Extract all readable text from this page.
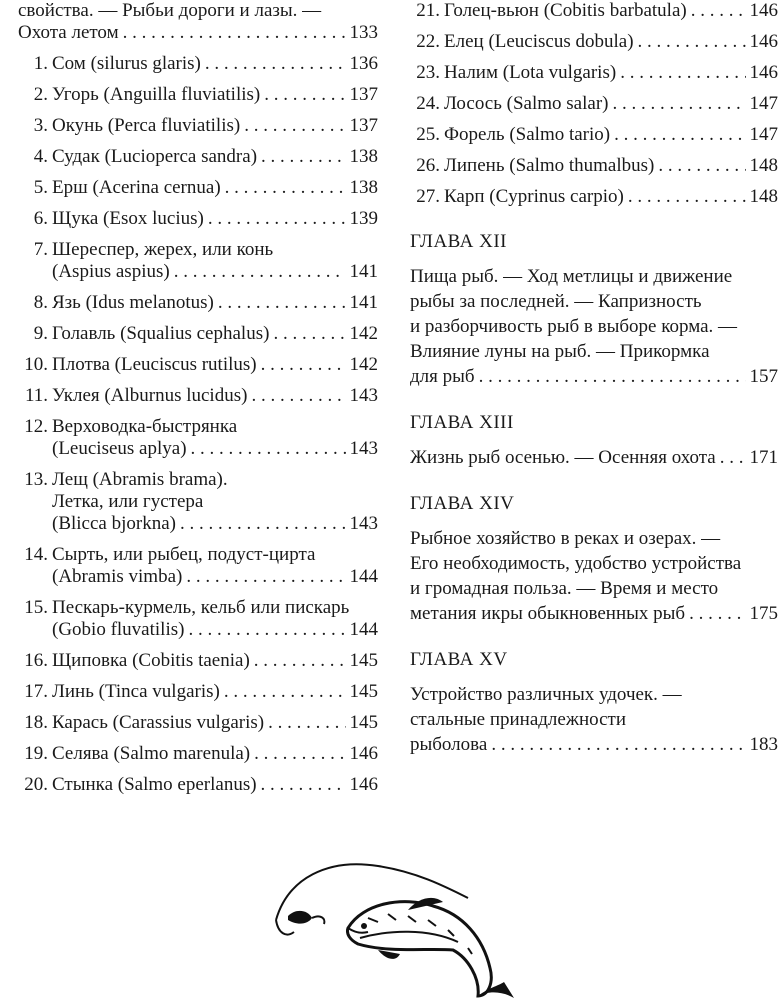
свойства. — Рыбьи дороги и лазы. —
Охота летом . . .	133
1. Сом (silurus glaris) . . .	136
2. Угорь (Anguilla fluviatilis) . . .	137
3. Окунь (Perca fluviatilis) . . .	137
4. Судак (Lucioperca sandra) . . .	138
5. Ерш (Acerina cernua) . . .	138
6. Щука (Esox lucius) . . .	139
7. Шереспер, жерех, или конь
(Aspius aspius) . . .	141
8. Язь (Idus melanotus) . . .	141
9. Голавль (Squalius cephalus) . . .	142
10. Плотва (Leuciscus rutilus) . . .	142
11. Уклея (Alburnus lucidus) . . .	143
12. Верховодка-быстрянка
(Leuciseus aplya) . . .	143
13. Лещ (Abramis brama).
Летка, или густера
(Blicca bjorkna) . . .	143
14. Сырть, или рыбец, подуст-цирта
(Abramis vimba) . . .	144
15. Пескарь-курмель, кельб или пискарь
(Gobio fluvatilis) . . .	144
16. Щиповка (Cobitis taenia) . . .	145
17. Линь (Tinca vulgaris) . . .	145
18. Карась (Carassius vulgaris) . . .	145
19. Селява (Salmo marenula) . . .	146
20. Стынка (Salmo eperlanus) . . .	146
21. Голец-вьюн (Cobitis barbatula) . . .	146
22. Елец (Leuciscus dobula) . . .	146
23. Налим (Lota vulgaris) . . .	146
24. Лосось (Salmo salar) . . .	147
25. Форель (Salmo tario) . . .	147
26. Липень (Salmo thumalbus) . . .	148
27. Карп (Cyprinus carpio) . . .	148
ГЛАВА XII
Пища рыб. — Ход метлицы и движение
рыбы за последней. — Капризность
и разборчивость рыб в выборе корма. —
Влияние луны на рыб. — Прикормка
для рыб . . .	157
ГЛАВА XIII
Жизнь рыб осенью. — Осенняя охота . . . 171
ГЛАВА XIV
Рыбное хозяйство в реках и озерах. —
Его необходимость, удобство устройства
и громадная польза. — Время и место
метания икры обыкновенных рыб . . .	175
ГЛАВА XV
Устройство различных удочек. —
стальные принадлежности
рыболова . . .	183
